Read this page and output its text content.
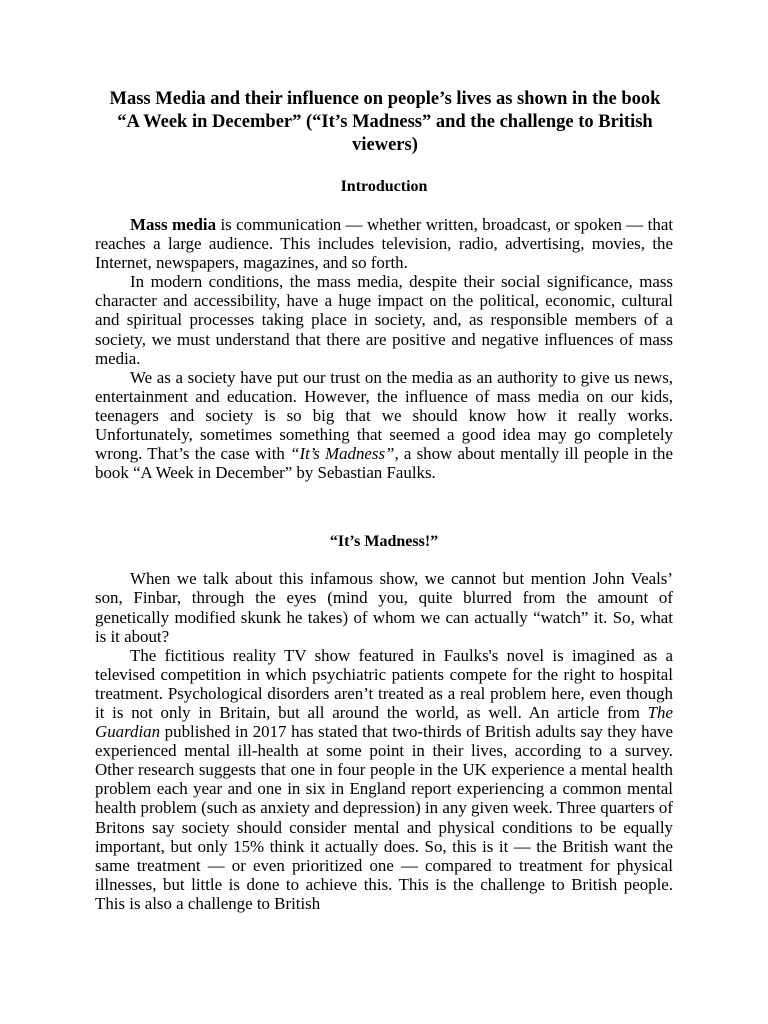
Mass Media and their influence on people’s lives as shown in the book “A Week in December” (“It’s Madness” and the challenge to British viewers)
Introduction

Mass media is communication — whether written, broadcast, or spoken — that reaches a large audience. This includes television, radio, advertising, movies, the Internet, newspapers, magazines, and so forth.

In modern conditions, the mass media, despite their social significance, mass character and accessibility, have a huge impact on the political, economic, cultural and spiritual processes taking place in society, and, as responsible members of a society, we must understand that there are positive and negative influences of mass media.

We as a society have put our trust on the media as an authority to give us news, entertainment and education. However, the influence of mass media on our kids, teenagers and society is so big that we should know how it really works. Unfortunately, sometimes something that seemed a good idea may go completely wrong. That’s the case with “It’s Madness”, a show about mentally ill people in the book “A Week in December” by Sebastian Faulks.

“It’s Madness!”

When we talk about this infamous show, we cannot but mention John Veals’ son, Finbar, through the eyes (mind you, quite blurred from the amount of genetically modified skunk he takes) of whom we can actually “watch” it. So, what is it about?

The fictitious reality TV show featured in Faulks's novel is imagined as a televised competition in which psychiatric patients compete for the right to hospital treatment. Psychological disorders aren’t treated as a real problem here, even though it is not only in Britain, but all around the world, as well. An article from The Guardian published in 2017 has stated that two-thirds of British adults say they have experienced mental ill-health at some point in their lives, according to a survey. Other research suggests that one in four people in the UK experience a mental health problem each year and one in six in England report experiencing a common mental health problem (such as anxiety and depression) in any given week. Three quarters of Britons say society should consider mental and physical conditions to be equally important, but only 15% think it actually does. So, this is it — the British want the same treatment — or even prioritized one — compared to treatment for physical illnesses, but little is done to achieve this. This is the challenge to British people. This is also a challenge to British
